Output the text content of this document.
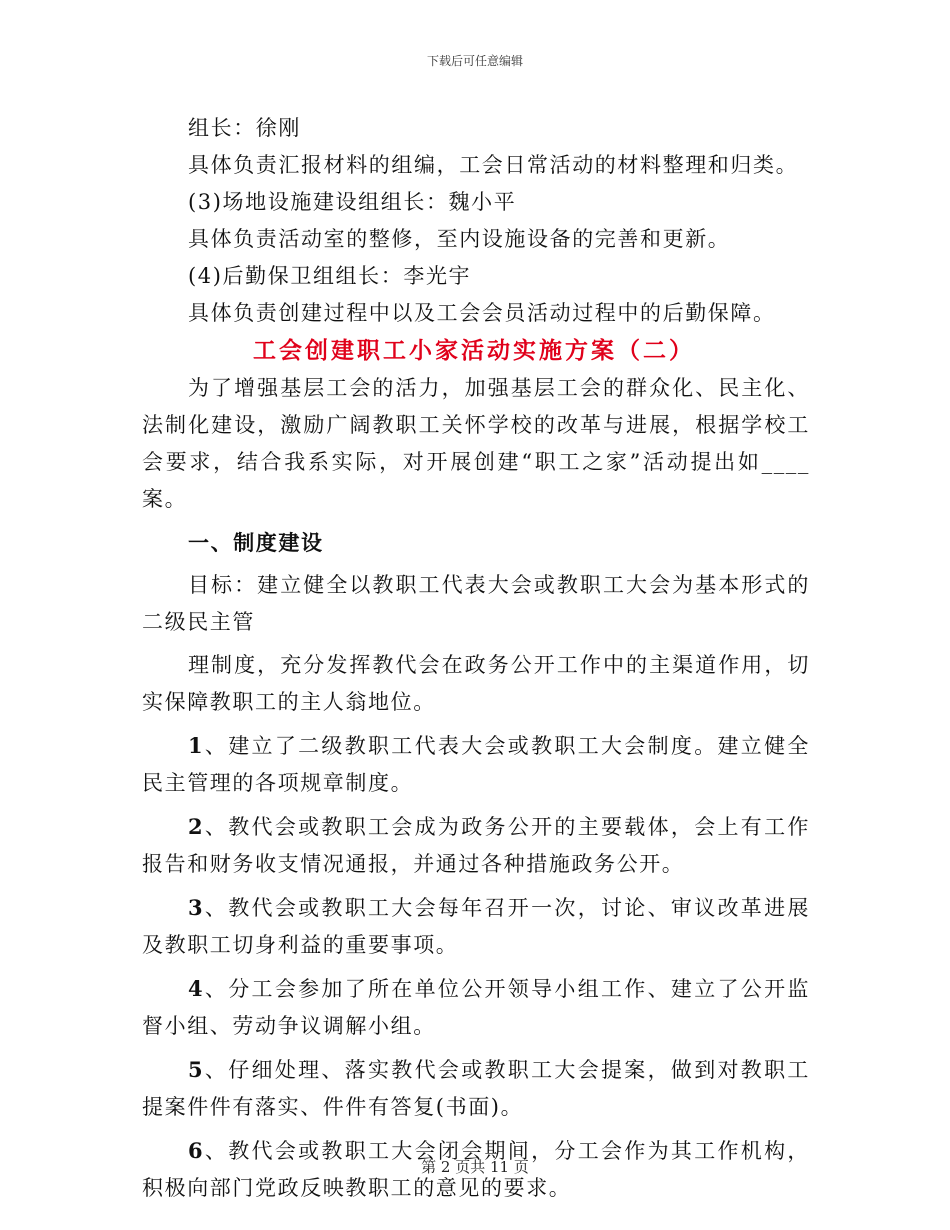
下载后可任意编辑

组长：徐刚

具体负责汇报材料的组编，工会日常活动的材料整理和归类。

(3)场地设施建设组组长：魏小平

具体负责活动室的整修，至内设施设备的完善和更新。

(4)后勤保卫组组长：李光宇

具体负责创建过程中以及工会会员活动过程中的后勤保障。

工会创建职工小家活动实施方案（二）

为了增强基层工会的活力，加强基层工会的群众化、民主化、法制化建设，激励广阔教职工关怀学校的改革与进展，根据学校工会要求，结合我系实际，对开展创建“职工之家”活动提出如____案。

一、制度建设

目标：建立健全以教职工代表大会或教职工大会为基本形式的二级民主管

理制度，充分发挥教代会在政务公开工作中的主渠道作用，切实保障教职工的主人翁地位。

1、建立了二级教职工代表大会或教职工大会制度。建立健全民主管理的各项规章制度。

2、教代会或教职工会成为政务公开的主要载体，会上有工作报告和财务收支情况通报，并通过各种措施政务公开。

3、教代会或教职工大会每年召开一次，讨论、审议改革进展及教职工切身利益的重要事项。

4、分工会参加了所在单位公开领导小组工作、建立了公开监督小组、劳动争议调解小组。

5、仔细处理、落实教代会或教职工大会提案，做到对教职工提案件件有落实、件件有答复(书面)。

6、教代会或教职工大会闭会期间，分工会作为其工作机构，积极向部门党政反映教职工的意见的要求。

第 2 页共 11 页
